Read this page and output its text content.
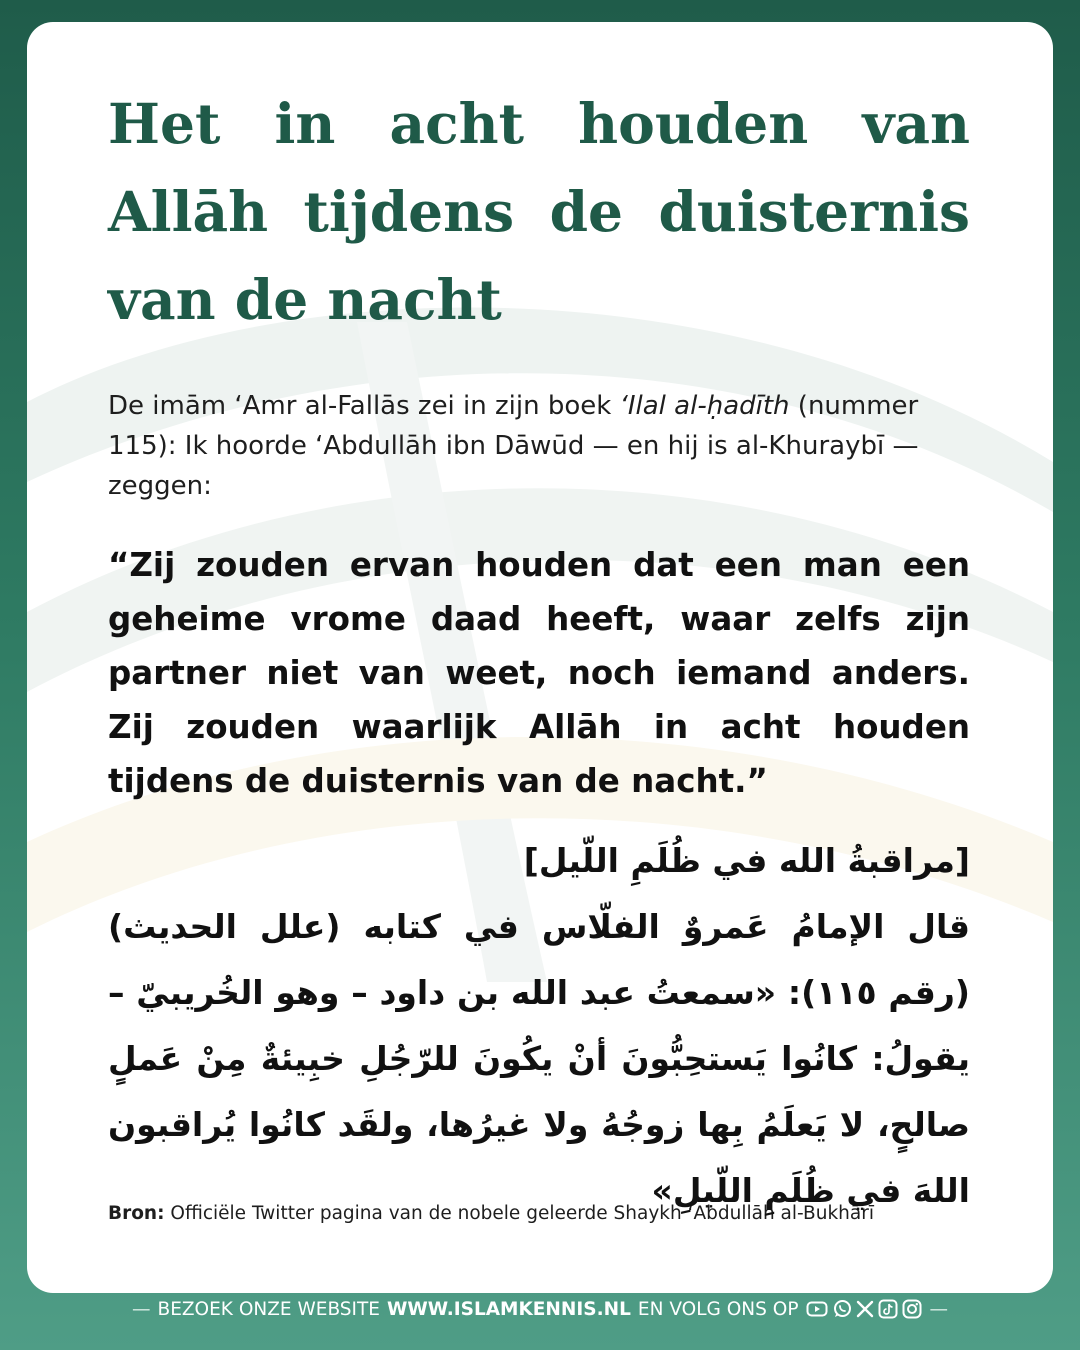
Het in acht houden van Allāh tijdens de duisternis van de nacht
De imām ‘Amr al-Fallās zei in zijn boek ‘Ilal al-ḥadīth (nummer 115): Ik hoorde ‘Abdullāh ibn Dāwūd — en hij is al-Khuraybī — zeggen:
“Zij zouden ervan houden dat een man een geheime vrome daad heeft, waar zelfs zijn partner niet van weet, noch iemand anders. Zij zouden waarlijk Allāh in acht houden tijdens de duisternis van de nacht.”
[مراقبةُ الله في ظُلَمِ اللّيل]
قال الإمامُ عَمروٌ الفلّاس في كتابه (علل الحديث) (رقم ١١٥): «سمعتُ عبد الله بن داود – وهو الخُريبيّ – يقولُ: كانُوا يَستحِبُّونَ أنْ يكُونَ للرّجُلِ خبِيئةٌ مِنْ عَملٍ صالحٍ، لا يَعلَمُ بِها زوجُهُ ولا غيرُها، ولقَد كانُوا يُراقبون اللهَ في ظُلَمِ اللّيلِ»
Bron: Officiële Twitter pagina van de nobele geleerde Shaykh ‘Abdullāh al-Bukhārī
— BEZOEK ONZE WEBSITE WWW.ISLAMKENNIS.NL EN VOLG ONS OP	—
